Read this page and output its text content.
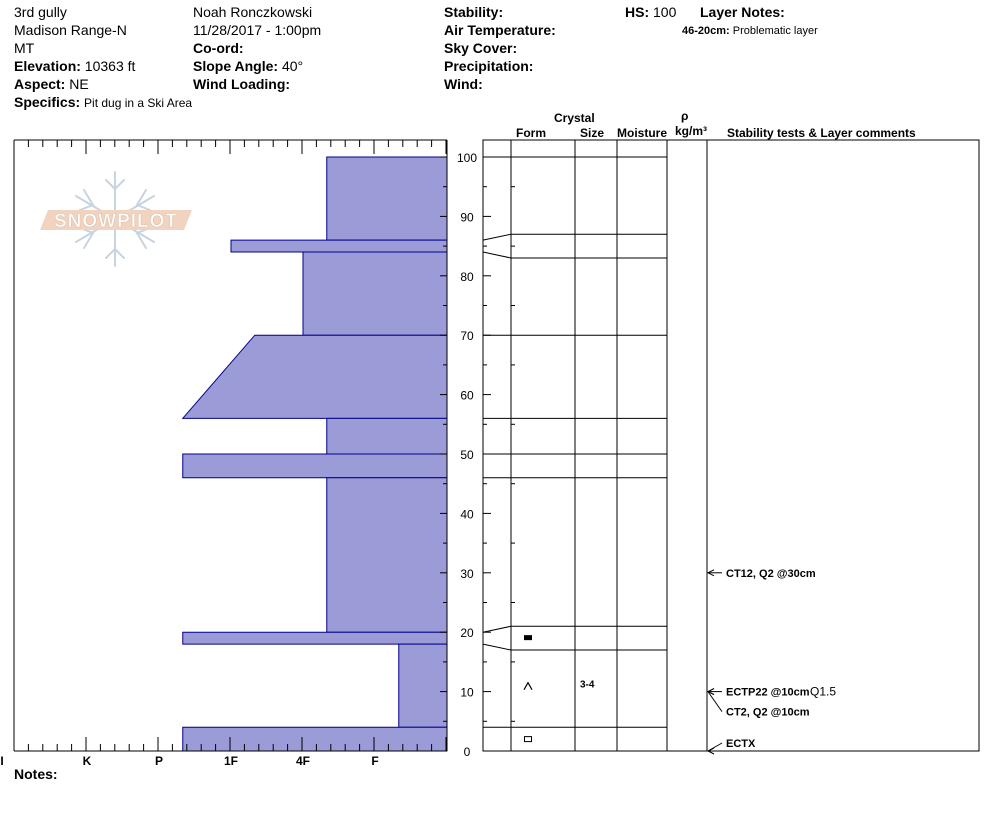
3rd gully
Madison Range-N
MT
Elevation: 10363 ft
Aspect: NE
Specifics: Pit dug in a Ski Area
Noah Ronczkowski
11/28/2017 - 1:00pm
Co-ord:
Slope Angle: 40°
Wind Loading:
Stability:
Air Temperature:
Sky Cover:
Precipitation:
Wind:
HS: 100 Layer Notes:
46-20cm: Problematic layer
Crystal
Form	Size Moisture
ρ
kg/m³ Stability tests & Layer comments
Notes:
SNOWPILOT
I	K	P	1F	4F	F
0
10
20
30
40
50
60
70
80
90
100
3-4
CT12, Q2 @30cm
ECTP22 @10cm Q1.5
CT2, Q2 @10cm
ECTX
